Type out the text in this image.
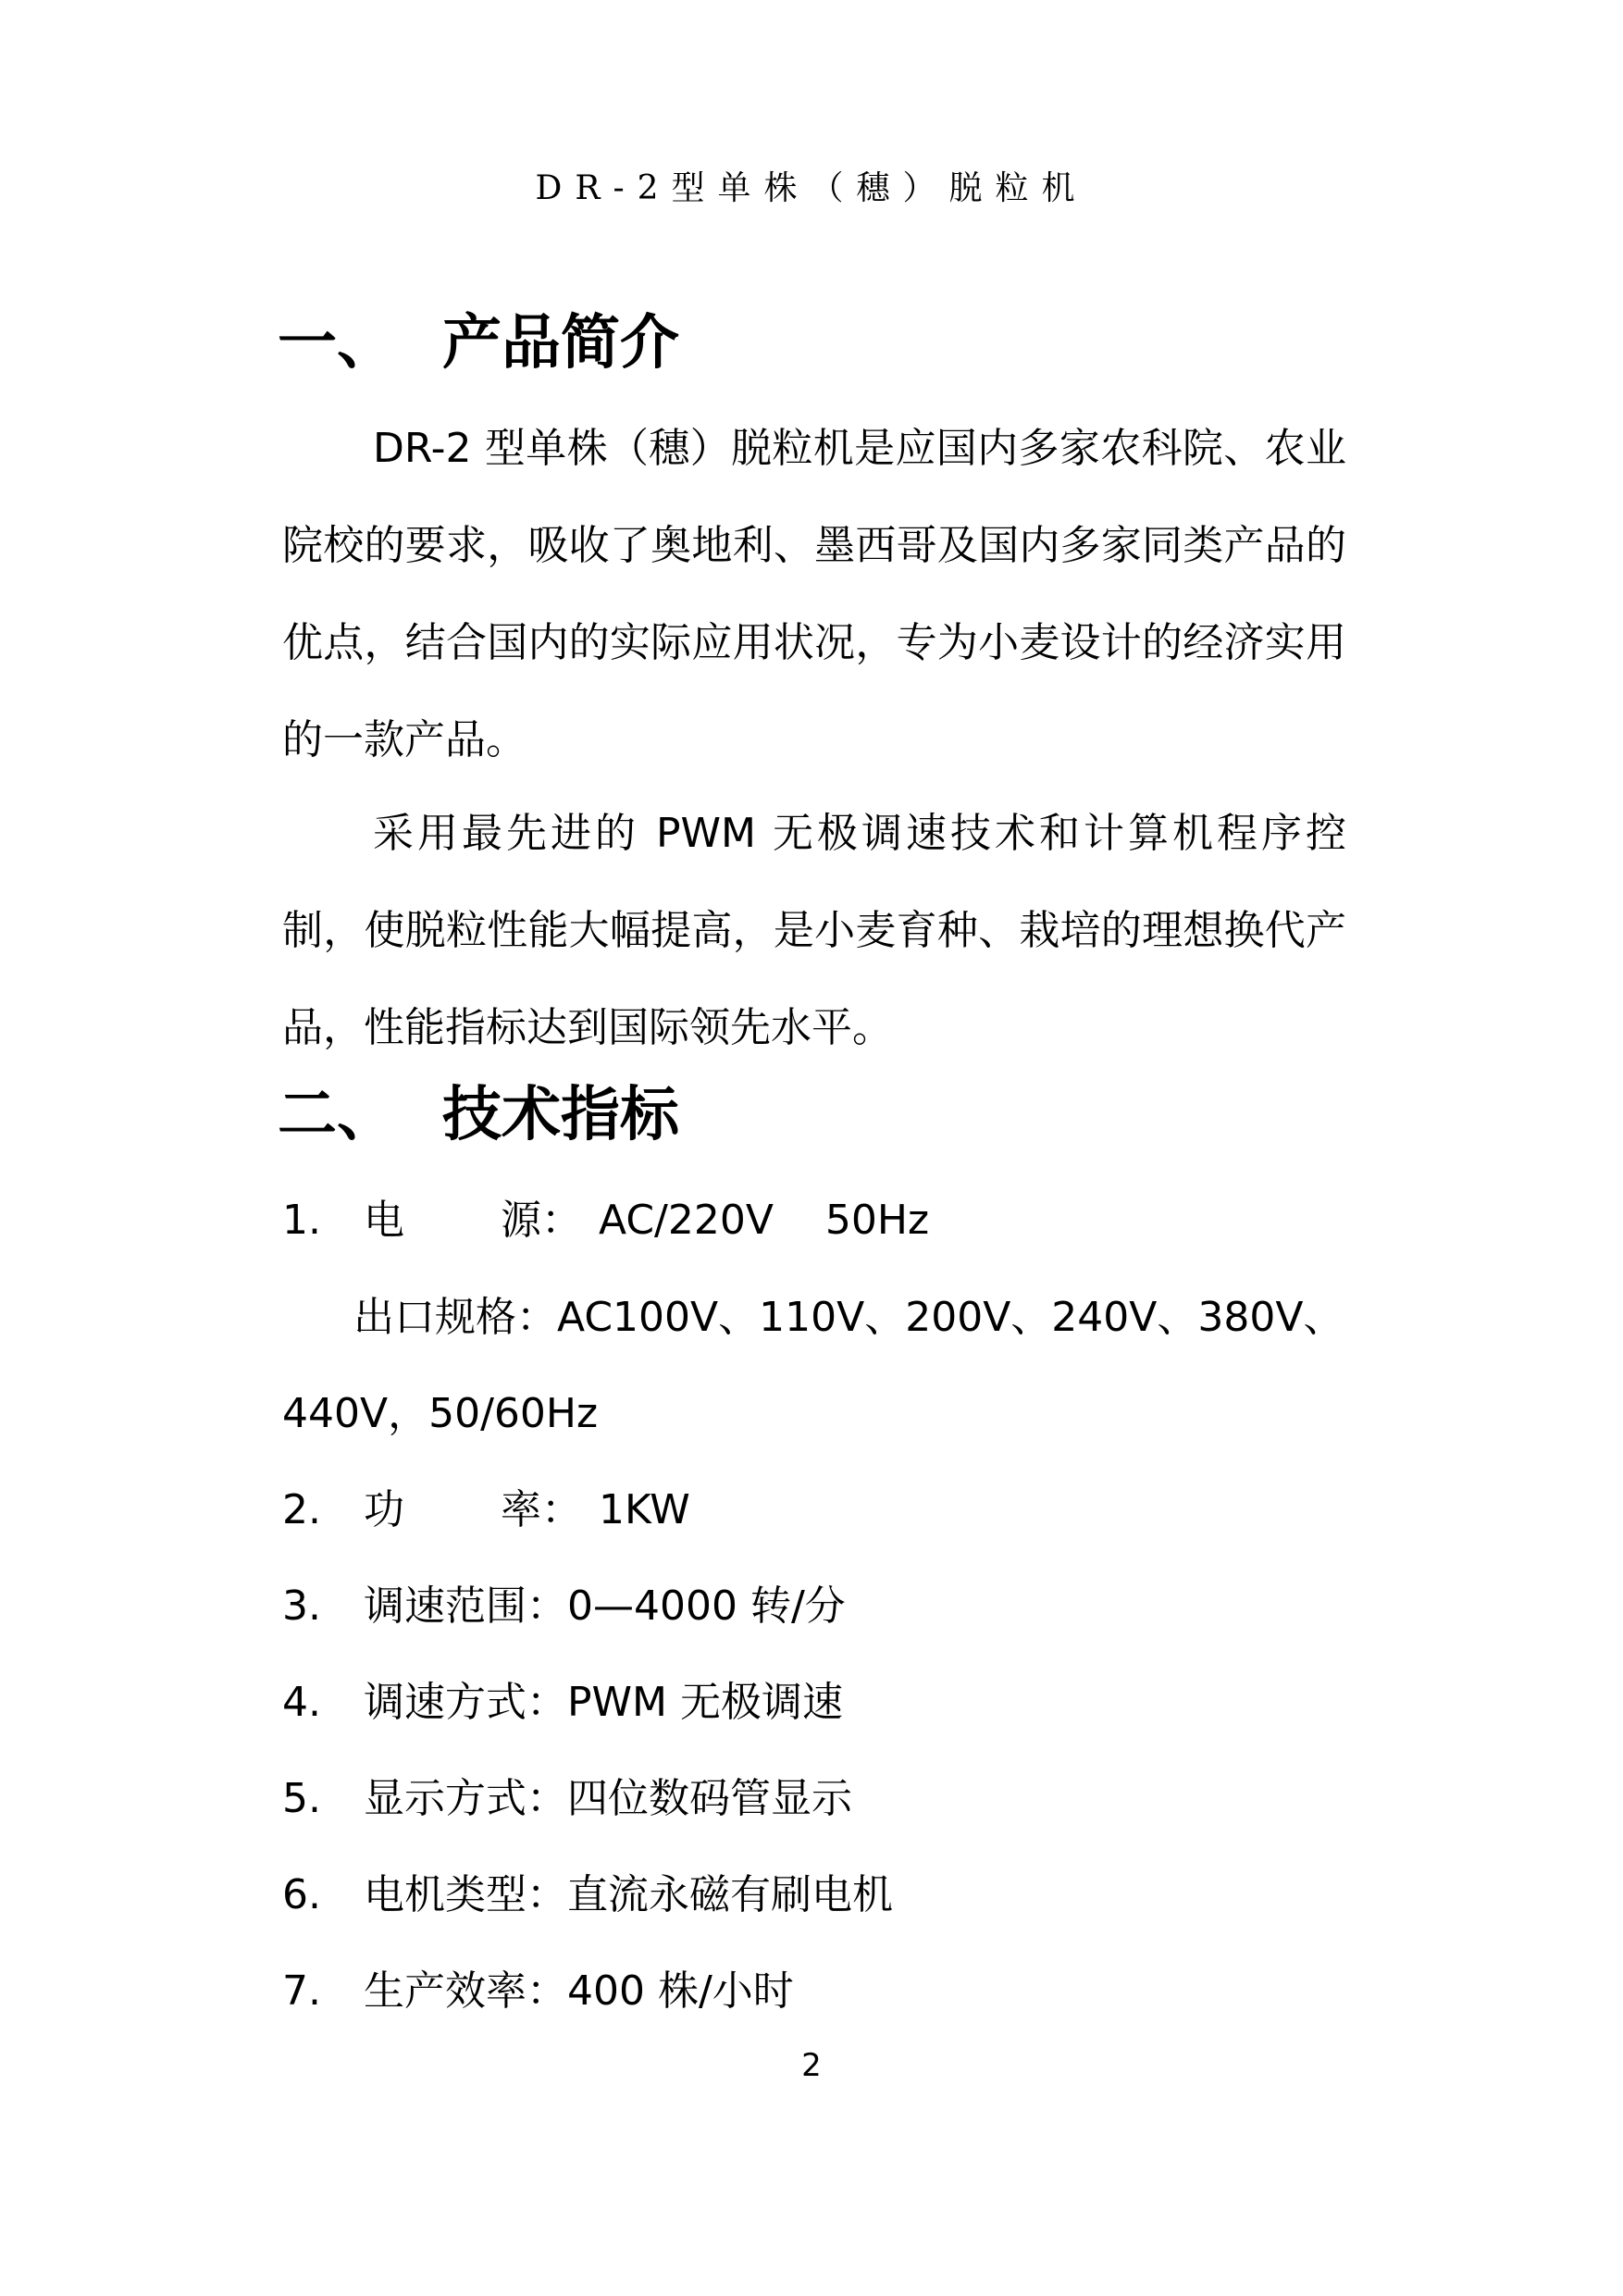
DR-2型单株（穗）脱粒机
一、 产品简介

DR-2 型单株（穗）脱粒机是应国内多家农科院、农业院校的要求，吸收了奥地利、墨西哥及国内多家同类产品的优点，结合国内的实际应用状况，专为小麦设计的经济实用的一款产品。

采用最先进的 PWM 无极调速技术和计算机程序控制，使脱粒性能大幅提高，是小麦育种、栽培的理想换代产品，性能指标达到国际领先水平。

二、 技术指标
1.	电 源： AC/220V    50Hz
出口规格：AC100V、110V、200V、240V、380V、
440V，50/60Hz
2.	功 率： 1KW
3.	调速范围： 0—4000 转/分
4.	调速方式： PWM 无极调速
5.	显示方式： 四位数码管显示
6.	电机类型： 直流永磁有刷电机
7.	生产效率： 400 株/小时
2
